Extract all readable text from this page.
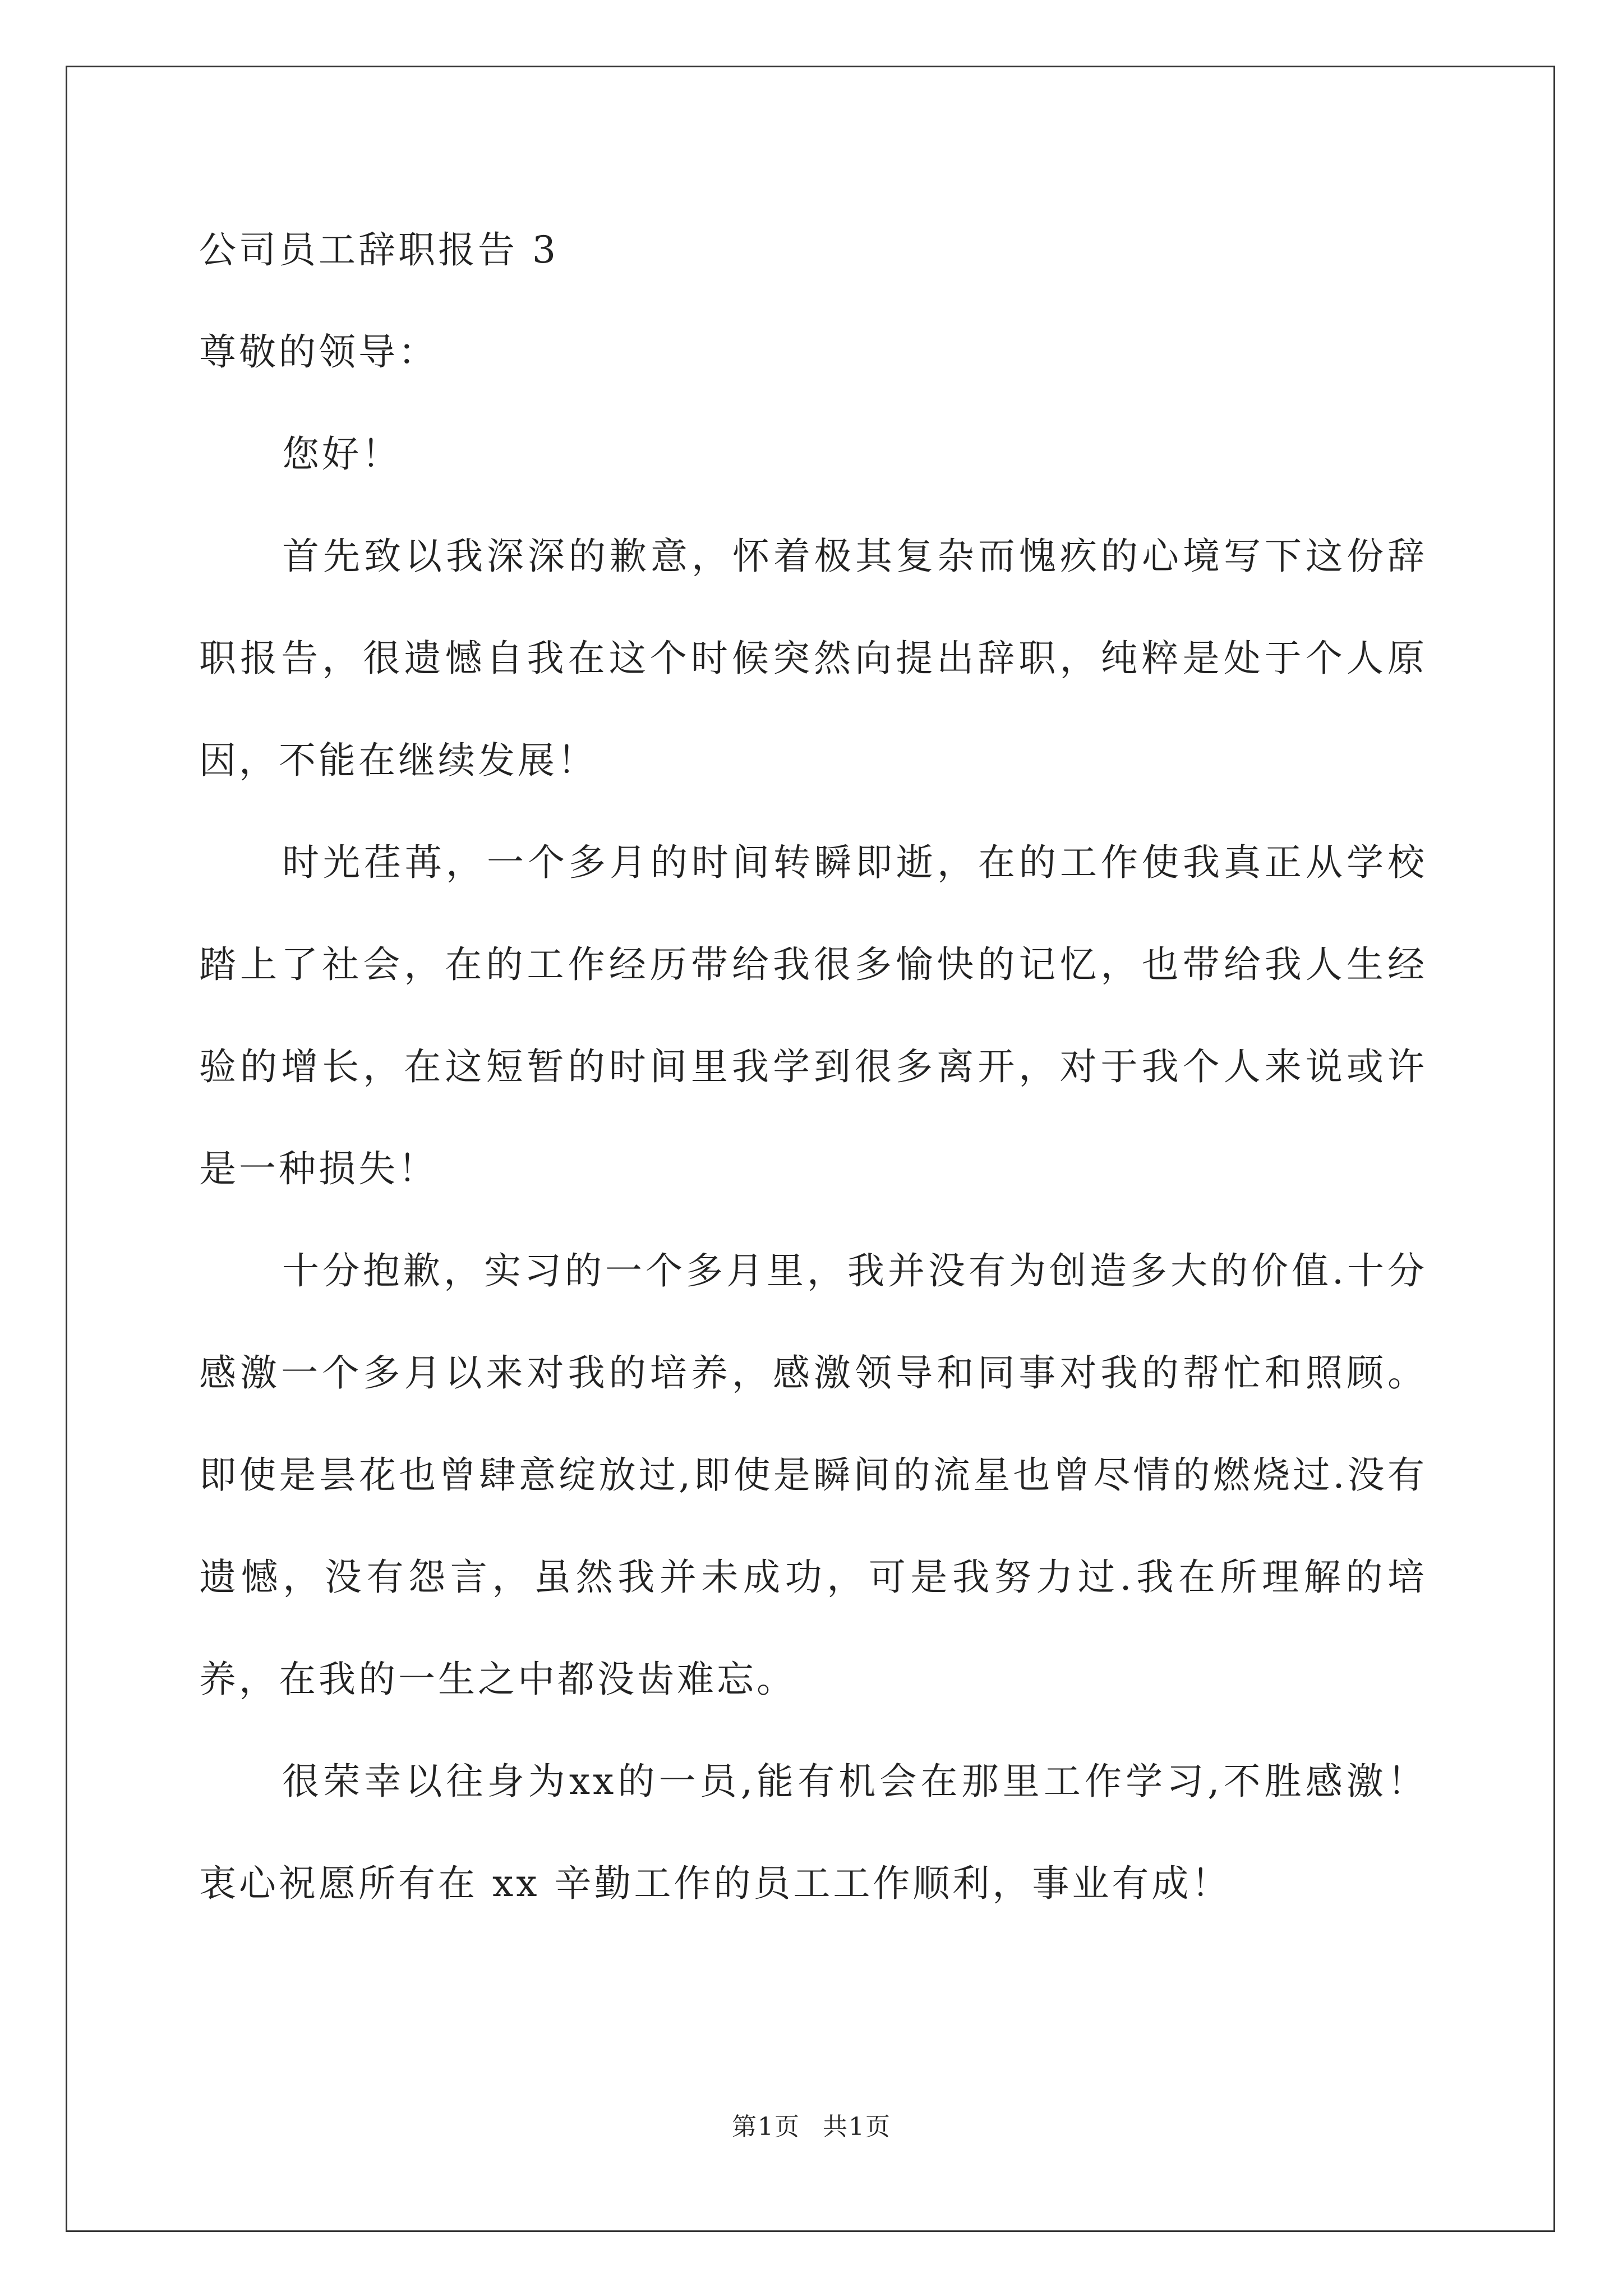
公司员工辞职报告 3
尊敬的领导：

您好！

首先致以我深深的歉意，怀着极其复杂而愧疚的心境写下这份辞职报告，很遗憾自我在这个时候突然向提出辞职，纯粹是处于个人原因，不能在继续发展！

时光荏苒，一个多月的时间转瞬即逝，在的工作使我真正从学校踏上了社会，在的工作经历带给我很多愉快的记忆，也带给我人生经验的增长，在这短暂的时间里我学到很多离开，对于我个人来说或许是一种损失！

十分抱歉，实习的一个多月里，我并没有为创造多大的价值.十分感激一个多月以来对我的培养，感激领导和同事对我的帮忙和照顾。即使是昙花也曾肆意绽放过,即使是瞬间的流星也曾尽情的燃烧过.没有遗憾，没有怨言，虽然我并未成功，可是我努力过.我在所理解的培养，在我的一生之中都没齿难忘。

很荣幸以往身为xx的一员,能有机会在那里工作学习,不胜感激！衷心祝愿所有在 xx 辛勤工作的员工工作顺利，事业有成！

第1页 共1页
